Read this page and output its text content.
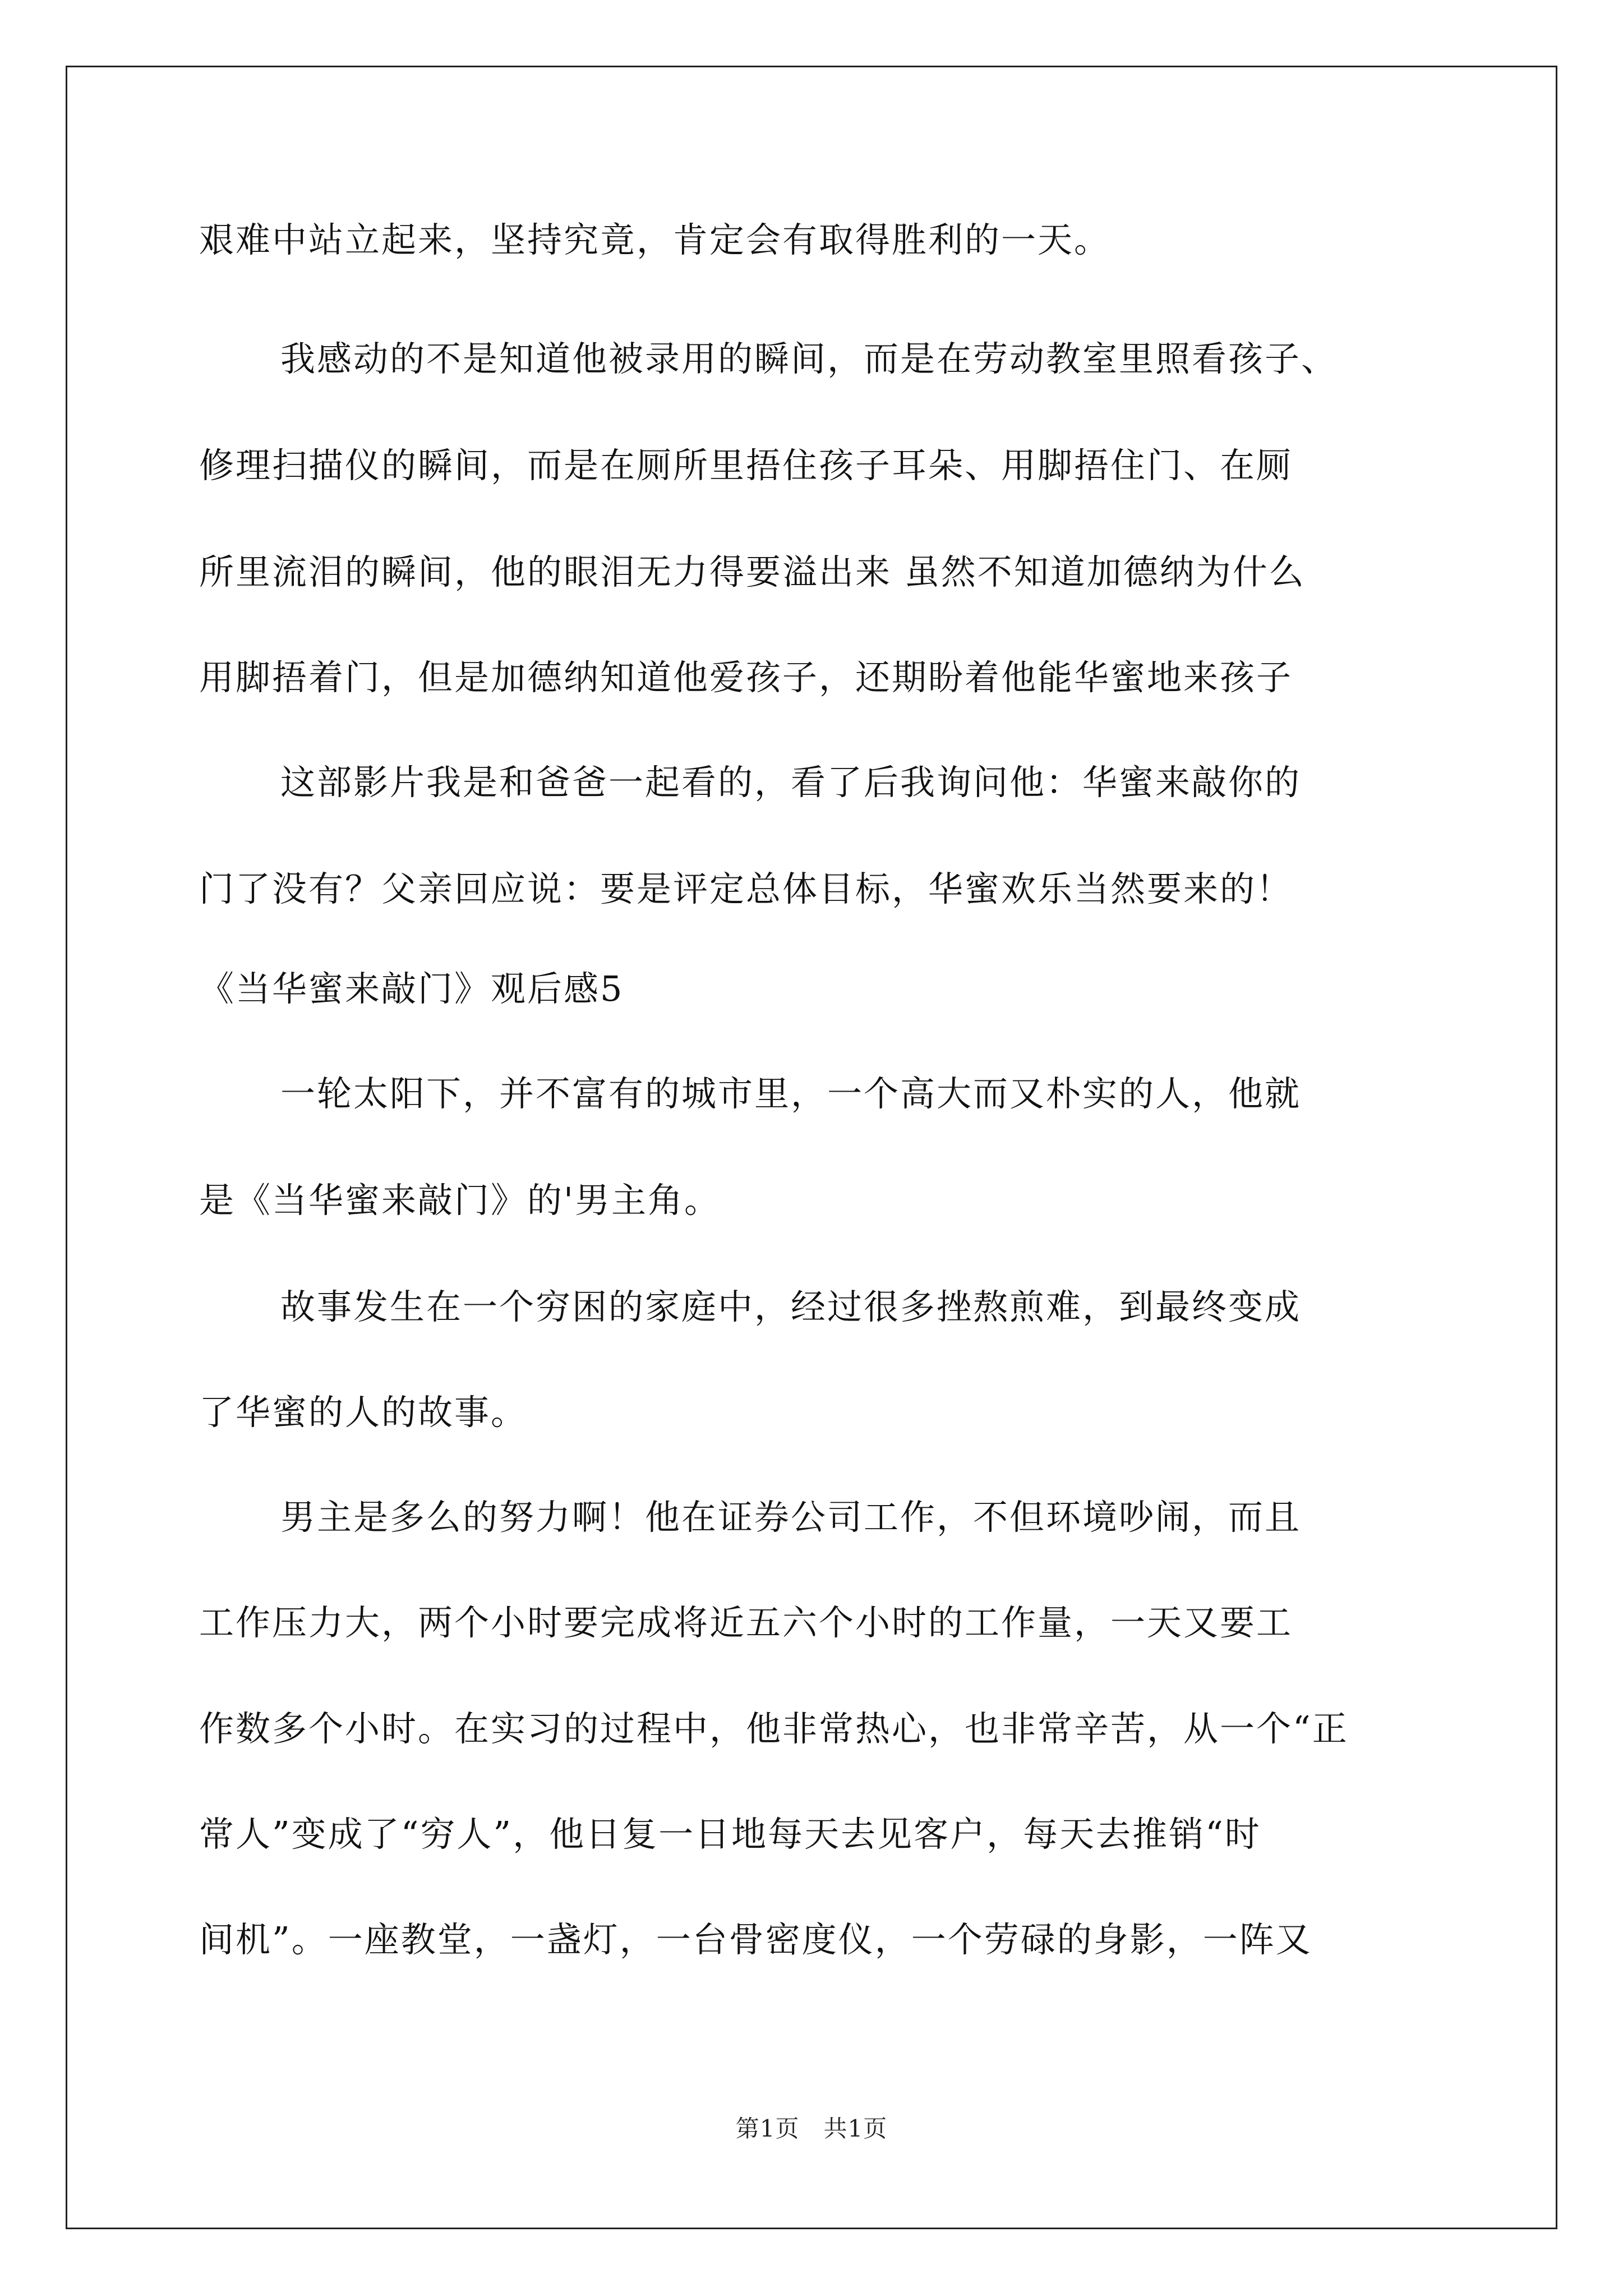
艰难中站立起来，坚持究竟，肯定会有取得胜利的一天。
我感动的不是知道他被录用的瞬间，而是在劳动教室里照看孩子、
修理扫描仪的瞬间，而是在厕所里捂住孩子耳朵、用脚捂住门、在厕
所里流泪的瞬间，他的眼泪无力得要溢出来 虽然不知道加德纳为什么
用脚捂着门，但是加德纳知道他爱孩子，还期盼着他能华蜜地来孩子
这部影片我是和爸爸一起看的，看了后我询问他：华蜜来敲你的
门了没有？父亲回应说：要是评定总体目标，华蜜欢乐当然要来的！
《当华蜜来敲门》观后感5
一轮太阳下，并不富有的城市里，一个高大而又朴实的人，他就
是《当华蜜来敲门》的'男主角。
故事发生在一个穷困的家庭中，经过很多挫熬煎难，到最终变成
了华蜜的人的故事。
男主是多么的努力啊！他在证券公司工作，不但环境吵闹，而且
工作压力大，两个小时要完成将近五六个小时的工作量，一天又要工
作数多个小时。在实习的过程中，他非常热心，也非常辛苦，从一个“正
常人”变成了“穷人”，他日复一日地每天去见客户，每天去推销“时
间机”。一座教堂，一盏灯，一台骨密度仪，一个劳碌的身影，一阵又
第1页　共1页
